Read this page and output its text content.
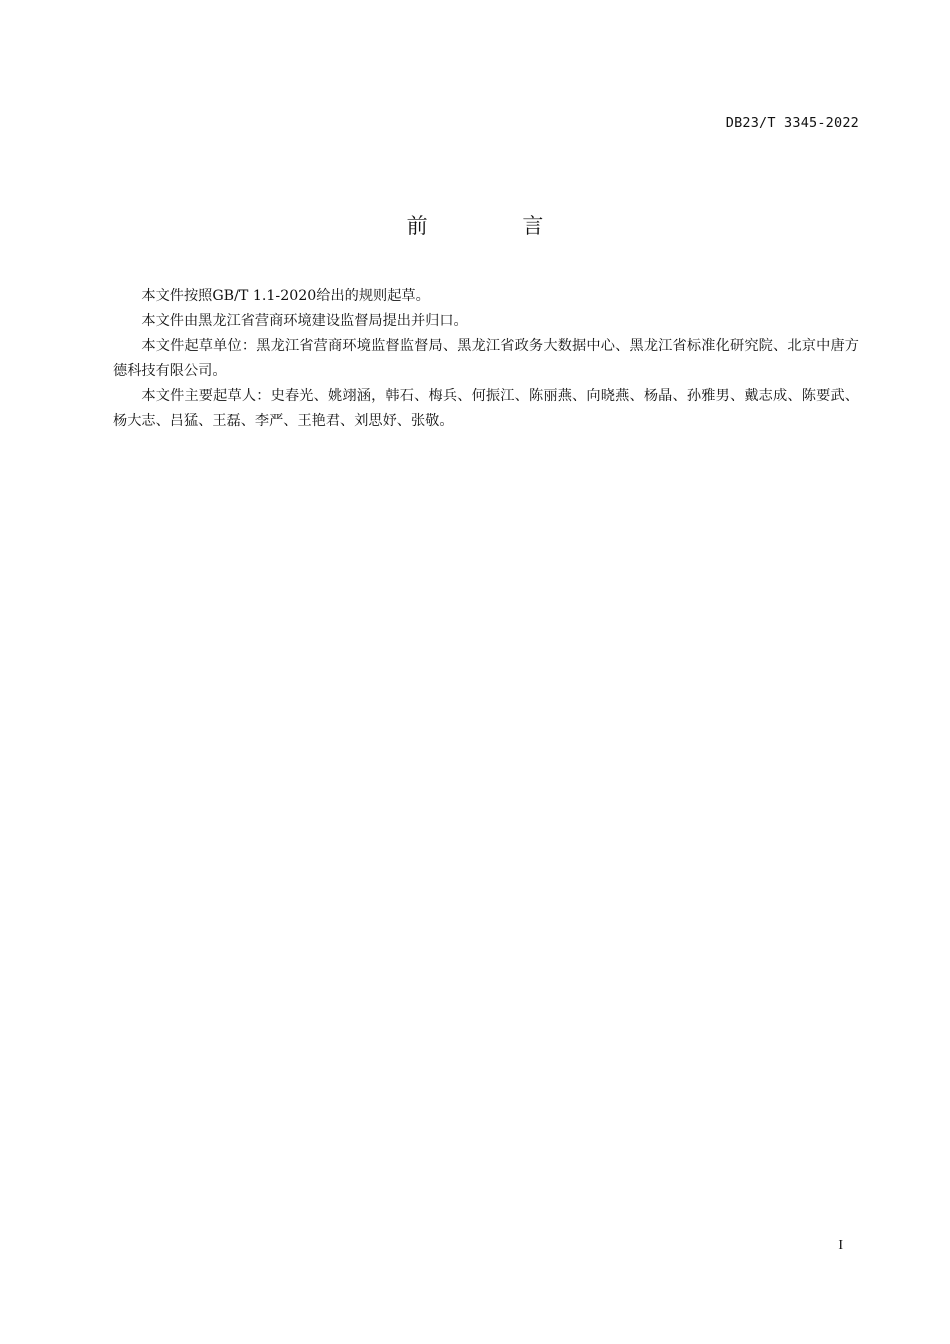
DB23/T 3345-2022
前 言

本文件按照GB/T 1.1-2020给出的规则起草。

本文件由黑龙江省营商环境建设监督局提出并归口。

本文件起草单位：黑龙江省营商环境监督监督局、黑龙江省政务大数据中心、黑龙江省标准化研究院、北京中唐方德科技有限公司。

本文件主要起草人：史春光、姚翊涵，韩石、梅兵、何振江、陈丽燕、向晓燕、杨晶、孙雅男、戴志成、陈要武、杨大志、吕猛、王磊、李严、王艳君、刘思妤、张敬。

I
